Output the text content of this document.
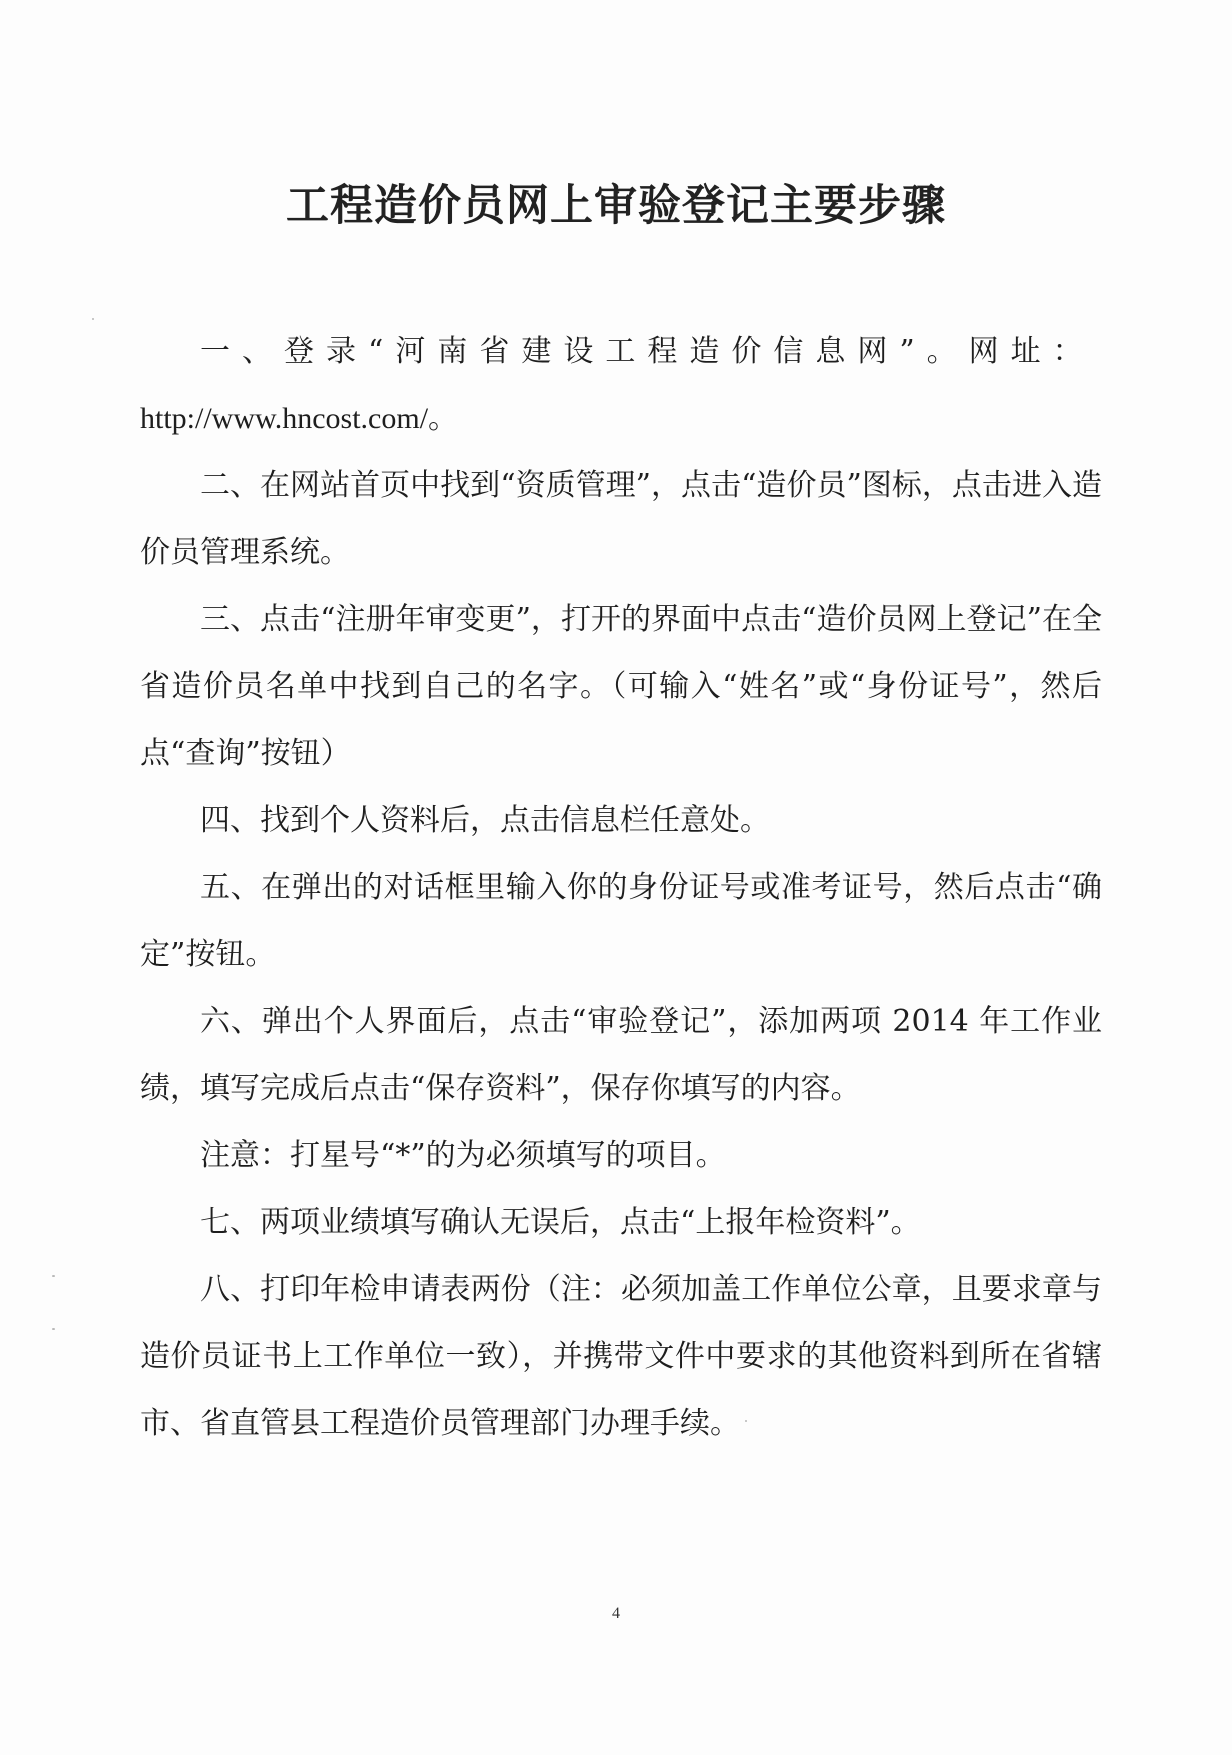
工程造价员网上审验登记主要步骤

一、登录“河南省建设工程造价信息网”。网址：
http://www.hncost.com/。

二、在网站首页中找到“资质管理”，点击“造价员”图标，点击进入造价员管理系统。

三、点击“注册年审变更”，打开的界面中点击“造价员网上登记”在全省造价员名单中找到自己的名字。（可输入“姓名”或“身份证号”，然后点“查询”按钮）

四、找到个人资料后，点击信息栏任意处。

五、在弹出的对话框里输入你的身份证号或准考证号，然后点击“确定”按钮。

六、弹出个人界面后，点击“审验登记”，添加两项 2014 年工作业绩，填写完成后点击“保存资料”，保存你填写的内容。

注意：打星号“*”的为必须填写的项目。

七、两项业绩填写确认无误后，点击“上报年检资料”。

八、打印年检申请表两份（注：必须加盖工作单位公章，且要求章与造价员证书上工作单位一致），并携带文件中要求的其他资料到所在省辖市、省直管县工程造价员管理部门办理手续。

4
